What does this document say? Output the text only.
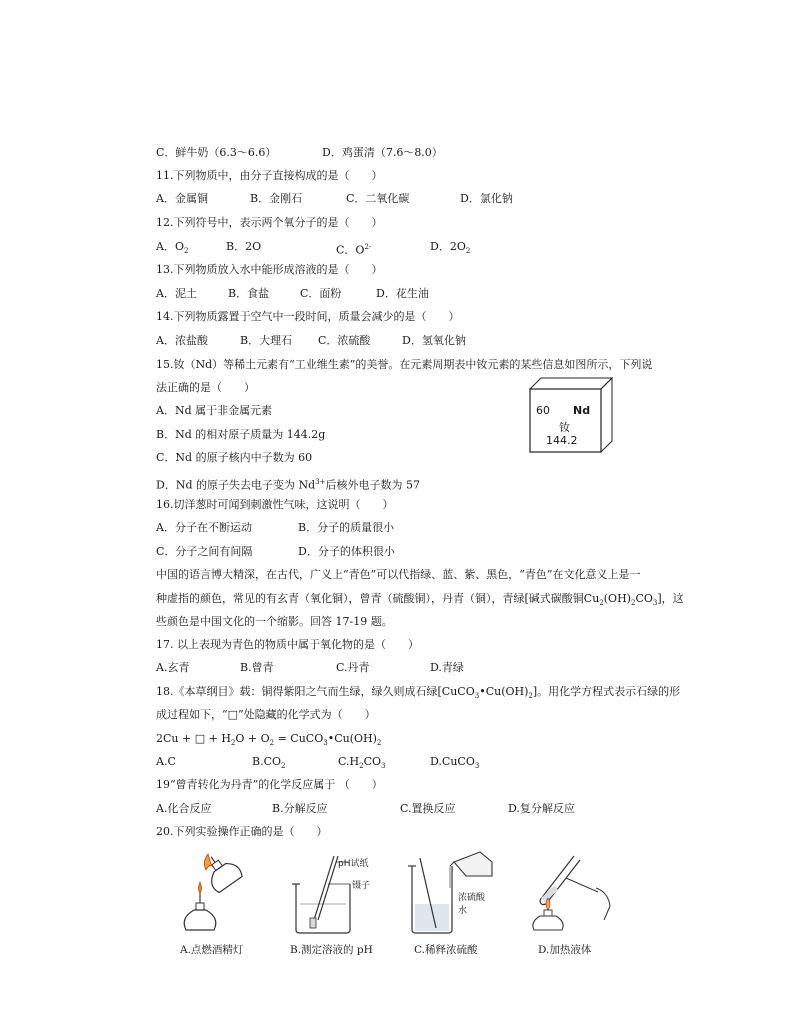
C．鲜牛奶（6.3～6.6）	D．鸡蛋清（7.6～8.0）
11.下列物质中，由分子直接构成的是（　　）
A．金属铜	B．金刚石	C．二氧化碳	D．氯化钠
12.下列符号中，表示两个氧分子的是（　　）
A．$O_2$	B．2O	C．$O^{2-}$	D．$2O_2$
13.下列物质放入水中能形成溶液的是（　　）
A．泥土	B．食盐	C．面粉	D．花生油
14.下列物质露置于空气中一段时间，质量会减少的是（　　）
A．浓盐酸	B．大理石 C．浓硫酸	D．氢氧化钠
15.钕（Nd）等稀土元素有“工业维生素”的美誉。在元素周期表中钕元素的某些信息如图所示，下列说
法正确的是（　　）
A．Nd 属于非金属元素
B．Nd 的相对原子质量为 144.2g
C．Nd 的原子核内中子数为 60
D．Nd 的原子失去电子变为 $Nd^{3+}$后核外电子数为 57
60 Nd
钕
144.2
16.切洋葱时可闻到刺激性气味，这说明（　　）
A．分子在不断运动	B．分子的质量很小
C．分子之间有间隔	D．分子的体积很小
中国的语言博大精深，在古代，广义上“青色”可以代指绿、蓝、紫、黑色，“青色”在文化意义上是一
种虚指的颜色，常见的有玄青（氧化铜），曾青（硫酸铜），丹青（铜），青绿[碱式碳酸铜$Cu_2(OH)_2CO_3$]，这
些颜色是中国文化的一个缩影。回答 17-19 题。
17. 以上表现为青色的物质中属于氧化物的是（　　）
A.玄青	B.曾青	C.丹青	D.青绿
18.《本草纲目》载：铜得紫阳之气而生绿，绿久则成石绿$[CuCO_3•Cu(OH)_2]$。用化学方程式表示石绿的形
成过程如下，“□”处隐藏的化学式为（　　）
2Cu + □ + $H_2O + O_2$ = $CuCO_3•Cu(OH)_2$
A.C	$B.CO_2$	$C.H_2CO_3$	D.CuCO$_3$
19“曾青转化为丹青”的化学反应属于 （　　）
A.化合反应	B.分解反应	C.置换反应	D.复分解反应
20.下列实验操作正确的是（　　）
pH试纸
镊子
浓硫酸
水
A.点燃酒精灯	B.测定溶液的 pH	C.稀释浓硫酸	D.加热液体
